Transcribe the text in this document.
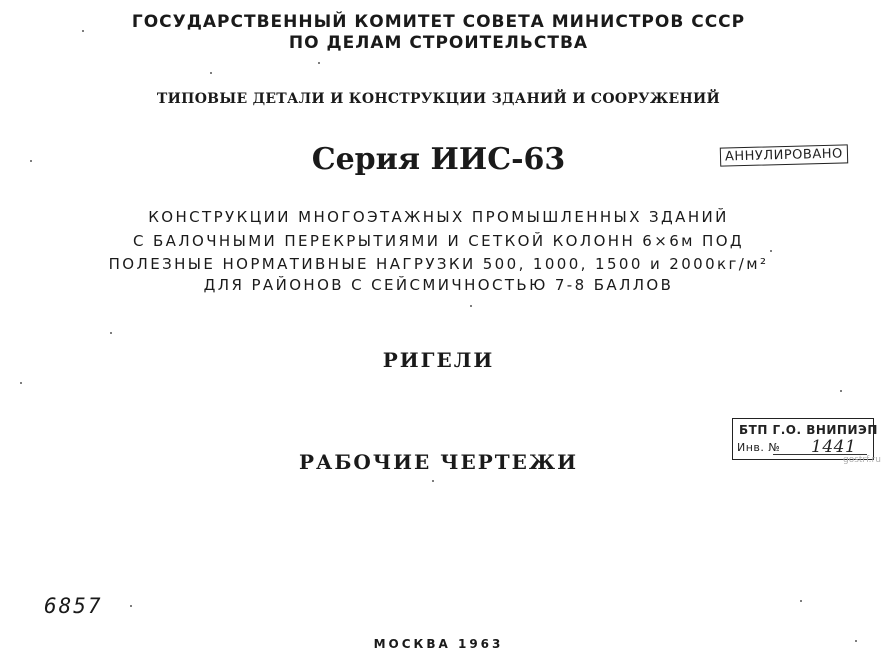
ГОСУДАРСТВЕННЫЙ КОМИТЕТ СОВЕТА МИНИСТРОВ СССР
ПО ДЕЛАМ СТРОИТЕЛЬСТВА
ТИПОВЫЕ ДЕТАЛИ И КОНСТРУКЦИИ ЗДАНИЙ И СООРУЖЕНИЙ
Серия ИИС-63	АННУЛИРОВАНО
КОНСТРУКЦИИ МНОГОЭТАЖНЫХ ПРОМЫШЛЕННЫХ ЗДАНИЙ
С БАЛОЧНЫМИ ПЕРЕКРЫТИЯМИ И СЕТКОЙ КОЛОНН 6×6м ПОД
ПОЛЕЗНЫЕ НОРМАТИВНЫЕ НАГРУЗКИ 500, 1000, 1500 и 2000кг/м²
ДЛЯ РАЙОНОВ С СЕЙСМИЧНОСТЬЮ 7-8 БАЛЛОВ
РИГЕЛИ
БТП Г.О. ВНИПИЭП
Инв. № 1441
gostrf.ru
РАБОЧИЕ ЧЕРТЕЖИ
6857
МОСКВА 1963
